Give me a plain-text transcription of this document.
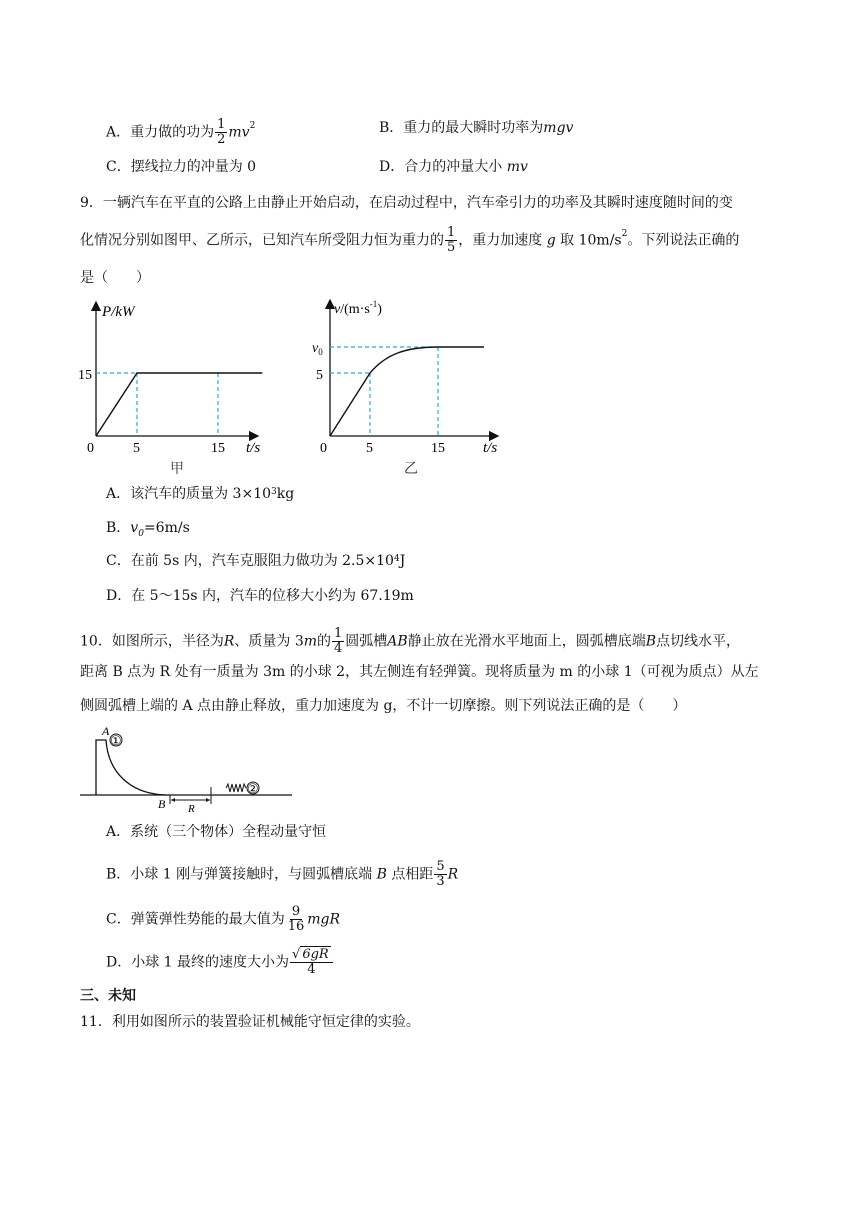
A．重力做的功为 $\frac{1}{2} mv^2$	B．重力的最大瞬时功率为mgv
C．摆线拉力的冲量为 0	D．合力的冲量大小 mv
9．一辆汽车在平直的公路上由静止开始启动，在启动过程中，汽车牵引力的功率及其瞬时速度随时间的变
化情况分别如图甲、乙所示，已知汽车所受阻力恒为重力的 $\frac{1}{5}$ ，重力加速度 g 取 $10m/s^2$。下列说法正确的
是（　　）
P/kW
15
0	5	15 t/s
甲
$v/(m\cdot s^{-1})$
$v_0$
5
0	5	15	t/s
乙
A．该汽车的质量为 $3\times 10^3kg$
B．$v_0=6m/s$
C．在前 5s 内，汽车克服阻力做功为 $2.5\times 10^4J$
D．在 5～15s 内，汽车的位移大小约为 67.19m
10．如图所示，半径为R、质量为 3m的 $\frac{1}{4}$ 圆弧槽AB静止放在光滑水平地面上，圆弧槽底端B点切线水平，
距离 B 点为 R 处有一质量为 3m 的小球 2，其左侧连有轻弹簧。现将质量为 m 的小球 1（可视为质点）从左
侧圆弧槽上端的 A 点由静止释放，重力加速度为 g，不计一切摩擦。则下列说法正确的是（　　）
①
A
B R
②
A．系统（三个物体）全程动量守恒
B．小球 1 刚与弹簧接触时，与圆弧槽底端 B 点相距 $\frac{5}{3}$ R
C．弹簧弹性势能的最大值为 $\frac{9}{16}$ mgR
D．小球 1 最终的速度大小为 $\frac{√ 6gR}{4}$
三、未知
11．利用如图所示的装置验证机械能守恒定律的实验。
